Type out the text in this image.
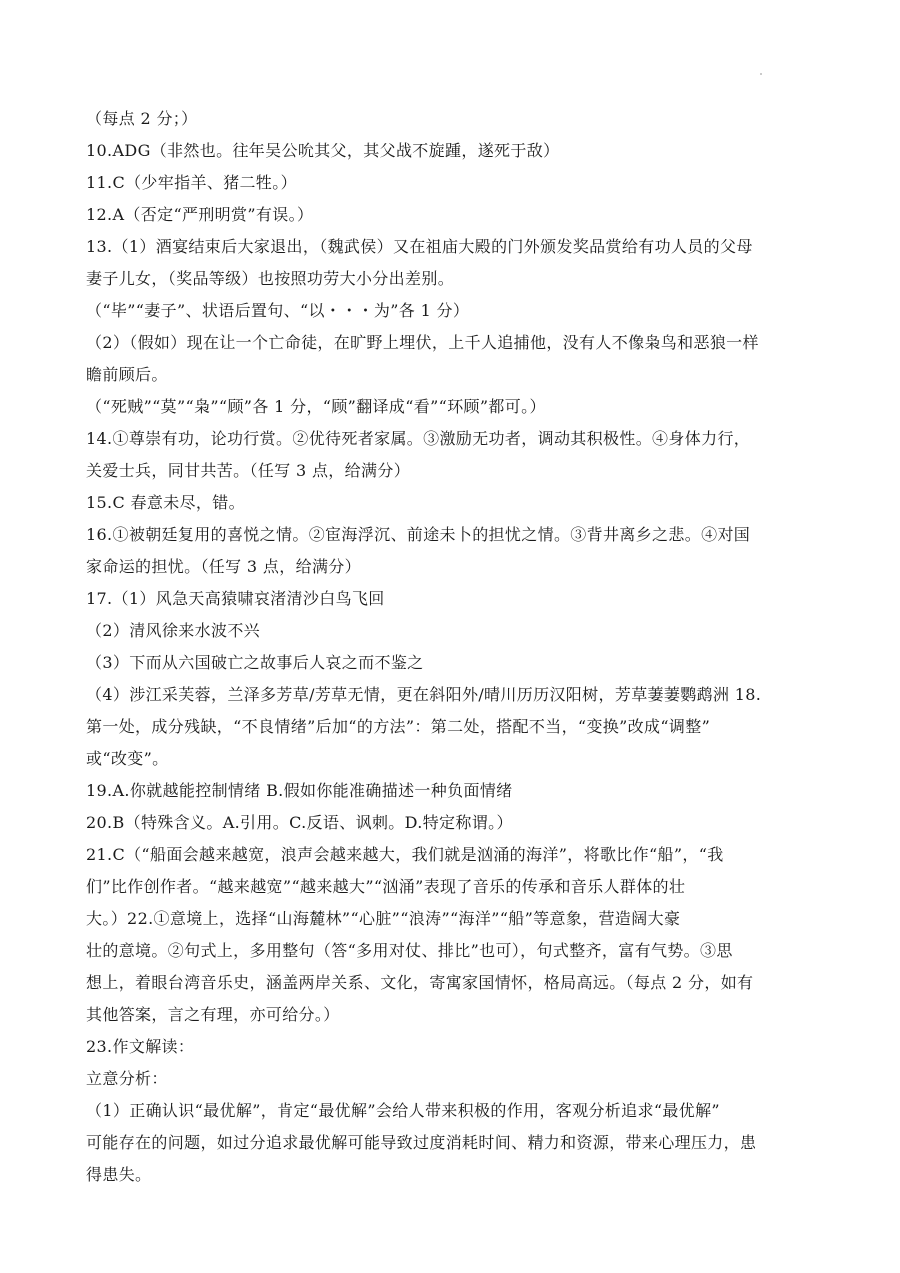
（每点 2 分；）
10.ADG（非然也。往年吴公吮其父，其父战不旋踵，遂死于敌）
11.C（少牢指羊、猪二牲。）
12.A（否定“严刑明赏”有误。）
13.（1）酒宴结束后大家退出，（魏武侯）又在祖庙大殿的门外颁发奖品赏给有功人员的父母
妻子儿女，（奖品等级）也按照功劳大小分出差别。
（“毕”“妻子”、状语后置句、“以・・・为”各 1 分）
（2）（假如）现在让一个亡命徒，在旷野上埋伏，上千人追捕他，没有人不像枭鸟和恶狼一样
瞻前顾后。
（“死贼”“莫”“枭”“顾”各 1 分，“顾”翻译成“看”“环顾”都可。）
14.①尊崇有功，论功行赏。②优待死者家属。③激励无功者，调动其积极性。④身体力行，
关爱士兵，同甘共苦。（任写 3 点，给满分）
15.C 春意未尽，错。
16.①被朝廷复用的喜悦之情。②宦海浮沉、前途未卜的担忧之情。③背井离乡之悲。④对国
家命运的担忧。（任写 3 点，给满分）
17.（1）风急天高猿啸哀渚清沙白鸟飞回
（2）清风徐来水波不兴
（3）下而从六国破亡之故事后人哀之而不鉴之
（4）涉江采芙蓉，兰泽多芳草/芳草无情，更在斜阳外/晴川历历汉阳树，芳草萋萋鹦鹉洲 18.
第一处，成分残缺，“不良情绪”后加“的方法”：第二处，搭配不当，“变换”改成“调整”
或“改变”。
19.A.你就越能控制情绪 B.假如你能准确描述一种负面情绪
20.B（特殊含义。A.引用。C.反语、讽刺。D.特定称谓。）
21.C（“船面会越来越宽，浪声会越来越大，我们就是汹涌的海洋”，将歌比作“船”，“我
们”比作创作者。“越来越宽”“越来越大”“汹涌”表现了音乐的传承和音乐人群体的壮
大。）22.①意境上，选择“山海麓林”“心脏”“浪涛”“海洋”“船”等意象，营造阔大豪
壮的意境。②句式上，多用整句（答“多用对仗、排比”也可），句式整齐，富有气势。③思
想上，着眼台湾音乐史，涵盖两岸关系、文化，寄寓家国情怀，格局高远。（每点 2 分，如有
其他答案，言之有理，亦可给分。）
23.作文解读：
立意分析：
（1）正确认识“最优解”，肯定“最优解”会给人带来积极的作用，客观分析追求“最优解”
可能存在的问题，如过分追求最优解可能导致过度消耗时间、精力和资源，带来心理压力，患
得患失。
